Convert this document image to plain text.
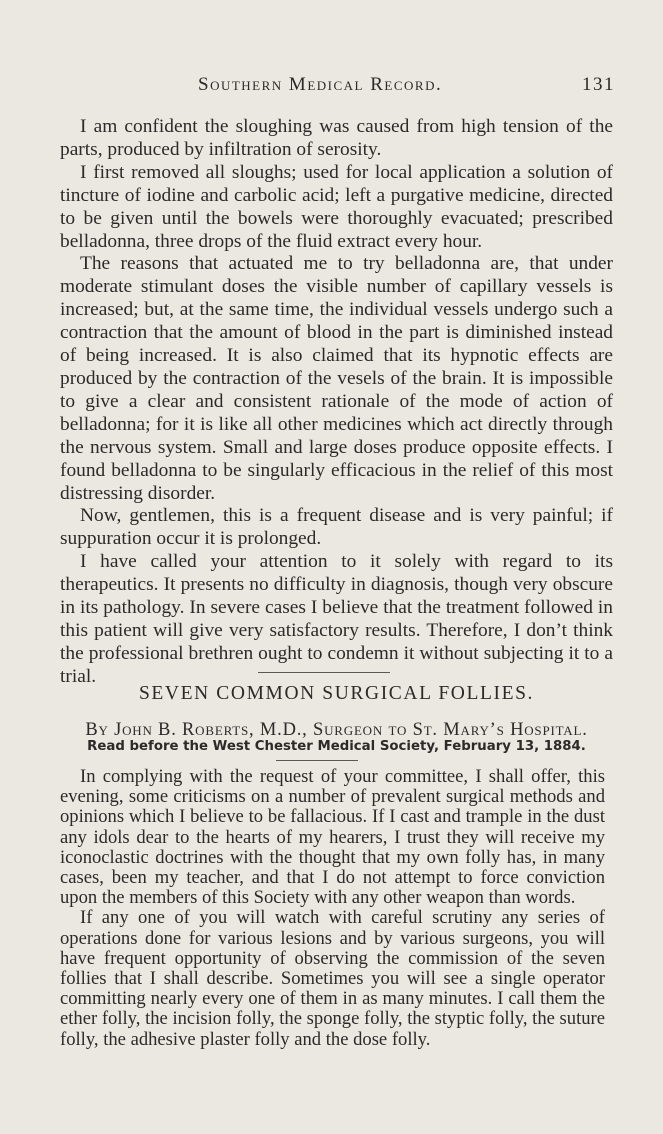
Southern Medical Record.	131

I am confident the sloughing was caused from high tension of the parts, produced by infiltration of serosity.

I first removed all sloughs; used for local application a solution of tincture of iodine and carbolic acid; left a purgative medicine, directed to be given until the bowels were thoroughly evacuated; prescribed belladonna, three drops of the fluid extract every hour.

The reasons that actuated me to try belladonna are, that under moderate stimulant doses the visible number of capillary vessels is increased; but, at the same time, the individual vessels undergo such a contraction that the amount of blood in the part is diminished instead of being increased. It is also claimed that its hypnotic effects are produced by the contraction of the vesels of the brain. It is impossible to give a clear and consistent rationale of the mode of action of belladonna; for it is like all other medicines which act directly through the nervous system. Small and large doses produce opposite effects. I found belladonna to be singularly efficacious in the relief of this most distressing disorder.

Now, gentlemen, this is a frequent disease and is very painful; if suppuration occur it is prolonged.

I have called your attention to it solely with regard to its therapeutics. It presents no difficulty in diagnosis, though very obscure in its pathology. In severe cases I believe that the treatment followed in this patient will give very satisfactory results. Therefore, I don’t think the professional brethren ought to condemn it without subjecting it to a trial.

SEVEN COMMON SURGICAL FOLLIES.
By John B. Roberts, M.D., Surgeon to St. Mary’s Hospital.
Read before the West Chester Medical Society, February 13, 1884.

In complying with the request of your committee, I shall offer, this evening, some criticisms on a number of prevalent surgical methods and opinions which I believe to be fallacious. If I cast and trample in the dust any idols dear to the hearts of my hearers, I trust they will receive my iconoclastic doctrines with the thought that my own folly has, in many cases, been my teacher, and that I do not attempt to force conviction upon the members of this Society with any other weapon than words.

If any one of you will watch with careful scrutiny any series of operations done for various lesions and by various surgeons, you will have frequent opportunity of observing the commission of the seven follies that I shall describe. Sometimes you will see a single operator committing nearly every one of them in as many minutes. I call them the ether folly, the incision folly, the sponge folly, the styptic folly, the suture folly, the adhesive plaster folly and the dose folly.
